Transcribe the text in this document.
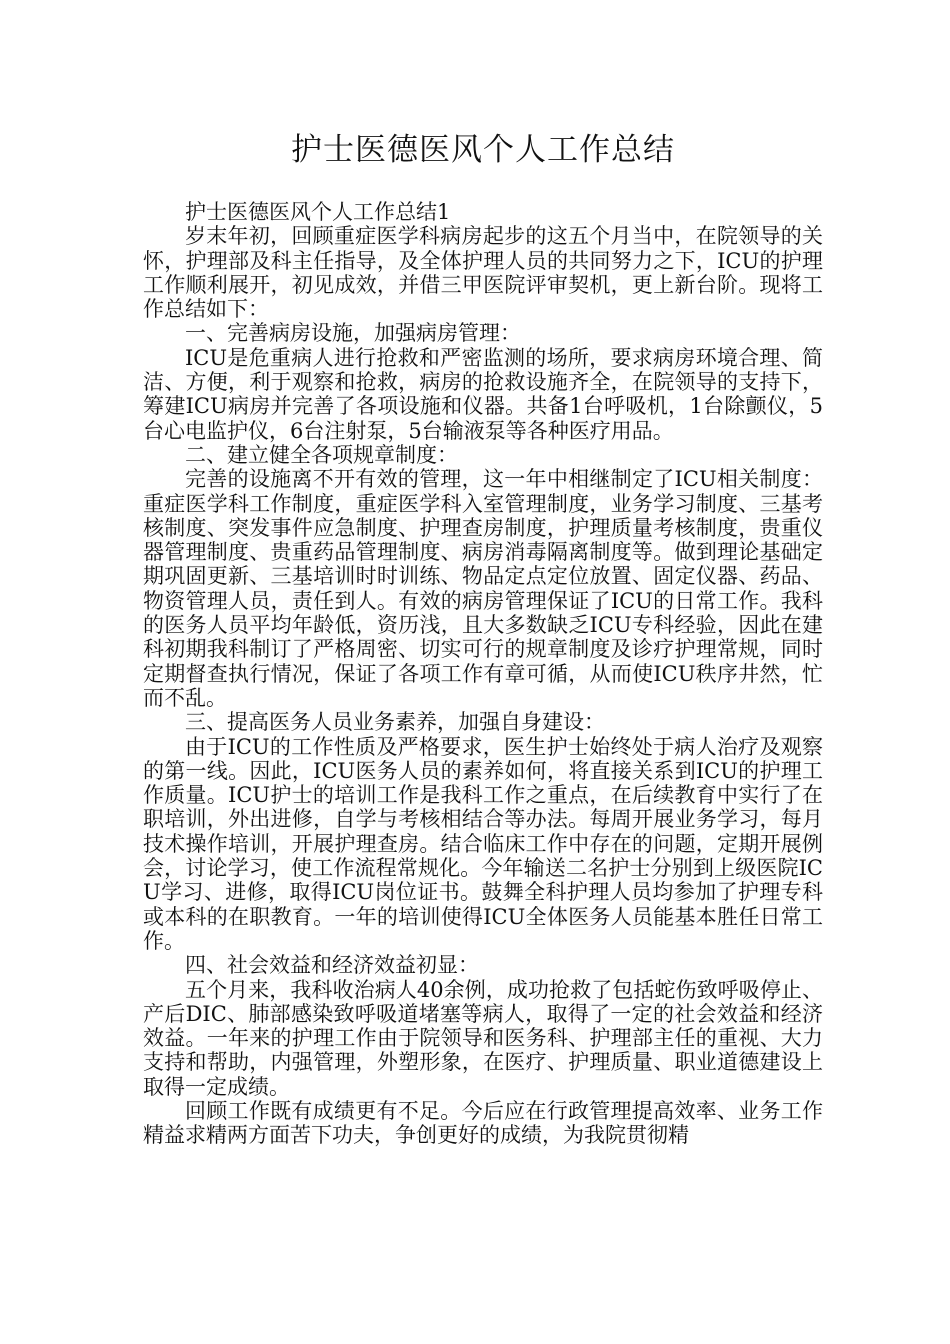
护士医德医风个人工作总结

护士医德医风个人工作总结1

岁末年初，回顾重症医学科病房起步的这五个月当中，在院领导的关怀，护理部及科主任指导，及全体护理人员的共同努力之下，ICU的护理工作顺利展开，初见成效，并借三甲医院评审契机，更上新台阶。现将工作总结如下：

一、完善病房设施，加强病房管理：

ICU是危重病人进行抢救和严密监测的场所，要求病房环境合理、简洁、方便，利于观察和抢救，病房的抢救设施齐全，在院领导的支持下，筹建ICU病房并完善了各项设施和仪器。共备1台呼吸机，1台除颤仪，5台心电监护仪，6台注射泵，5台输液泵等各种医疗用品。

二、建立健全各项规章制度：

完善的设施离不开有效的管理，这一年中相继制定了ICU相关制度：重症医学科工作制度，重症医学科入室管理制度，业务学习制度、三基考核制度、突发事件应急制度、护理查房制度，护理质量考核制度，贵重仪器管理制度、贵重药品管理制度、病房消毒隔离制度等。做到理论基础定期巩固更新、三基培训时时训练、物品定点定位放置、固定仪器、药品、物资管理人员，责任到人。有效的病房管理保证了ICU的日常工作。我科的医务人员平均年龄低，资历浅，且大多数缺乏ICU专科经验，因此在建科初期我科制订了严格周密、切实可行的规章制度及诊疗护理常规，同时定期督查执行情况，保证了各项工作有章可循，从而使ICU秩序井然，忙而不乱。

三、提高医务人员业务素养，加强自身建设：

由于ICU的工作性质及严格要求，医生护士始终处于病人治疗及观察的第一线。因此，ICU医务人员的素养如何，将直接关系到ICU的护理工作质量。ICU护士的培训工作是我科工作之重点，在后续教育中实行了在职培训，外出进修，自学与考核相结合等办法。每周开展业务学习，每月技术操作培训，开展护理查房。结合临床工作中存在的问题，定期开展例会，讨论学习，使工作流程常规化。今年输送二名护士分别到上级医院ICU学习、进修，取得ICU岗位证书。鼓舞全科护理人员均参加了护理专科或本科的在职教育。一年的培训使得ICU全体医务人员能基本胜任日常工作。

四、社会效益和经济效益初显：

五个月来，我科收治病人40余例，成功抢救了包括蛇伤致呼吸停止、产后DIC、肺部感染致呼吸道堵塞等病人，取得了一定的社会效益和经济效益。一年来的护理工作由于院领导和医务科、护理部主任的重视、大力支持和帮助，内强管理，外塑形象，在医疗、护理质量、职业道德建设上取得一定成绩。

回顾工作既有成绩更有不足。今后应在行政管理提高效率、业务工作精益求精两方面苦下功夫，争创更好的成绩，为我院贯彻精
